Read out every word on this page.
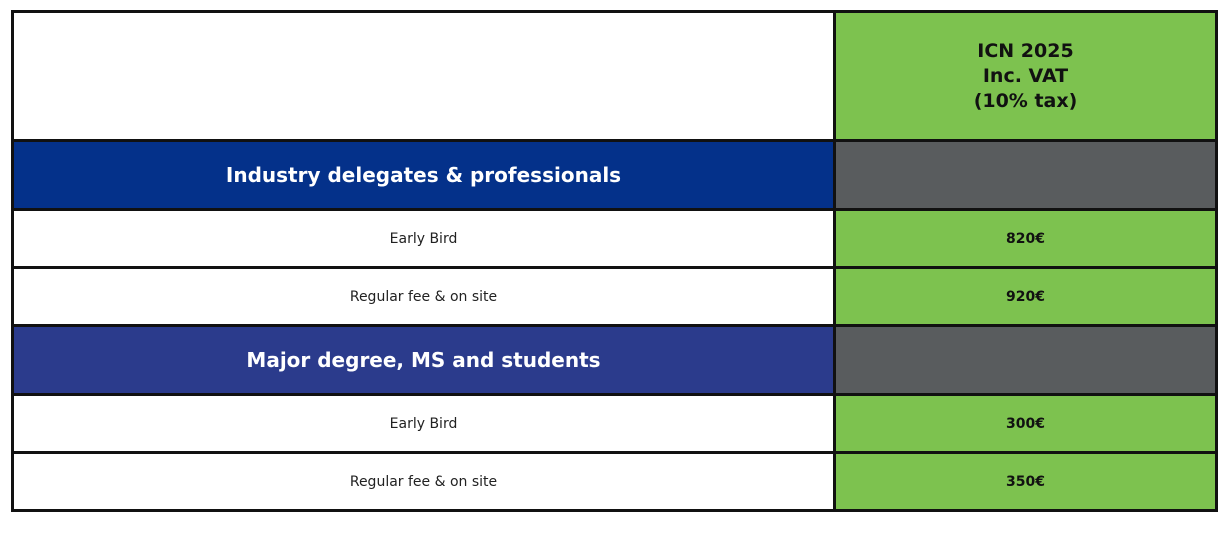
	ICN 2025
Inc. VAT
(10% tax)

Industry delegates & professionals	
Early Bird	820€
Regular fee & on site	920€
Major degree, MS and students	
Early Bird	300€
Regular fee & on site	350€
